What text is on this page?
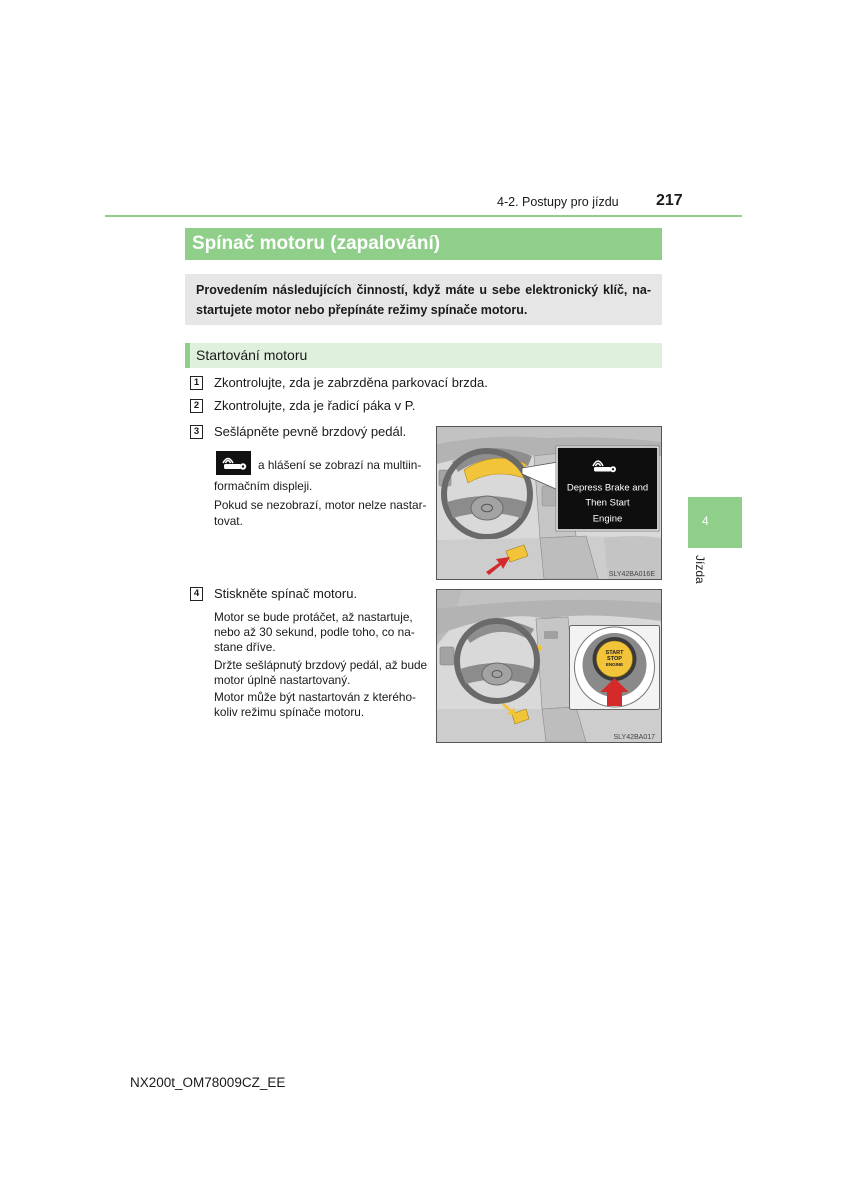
4-2. Postupy pro jízdu 217
Spínač motoru (zapalování)
Provedením následujících činností, když máte u sebe elektronický klíč, na-
startujete motor nebo přepínáte režimy spínače motoru.
Startování motoru
1 Zkontrolujte, zda je zabrzděna parkovací brzda.
2 Zkontrolujte, zda je řadicí páka v P.
3 Sešlápněte pevně brzdový pedál.
a hlášení se zobrazí na multiin-
formačním displeji.
Pokud se nezobrazí, motor nelze nastar-
tovat.
Depress Brake and
Then Start
Engine
SLY42BA016E
4 Stiskněte spínač motoru.
Motor se bude protáčet, až nastartuje,
nebo až 30 sekund, podle toho, co na-
stane dříve.
Držte sešlápnutý brzdový pedál, až bude
motor úplně nastartovaný.
Motor může být nastartován z kterého-
koliv režimu spínače motoru.
START
STOP
ENGINE
SLY42BA017
4
Jízda
NX200t_OM78009CZ_EE
